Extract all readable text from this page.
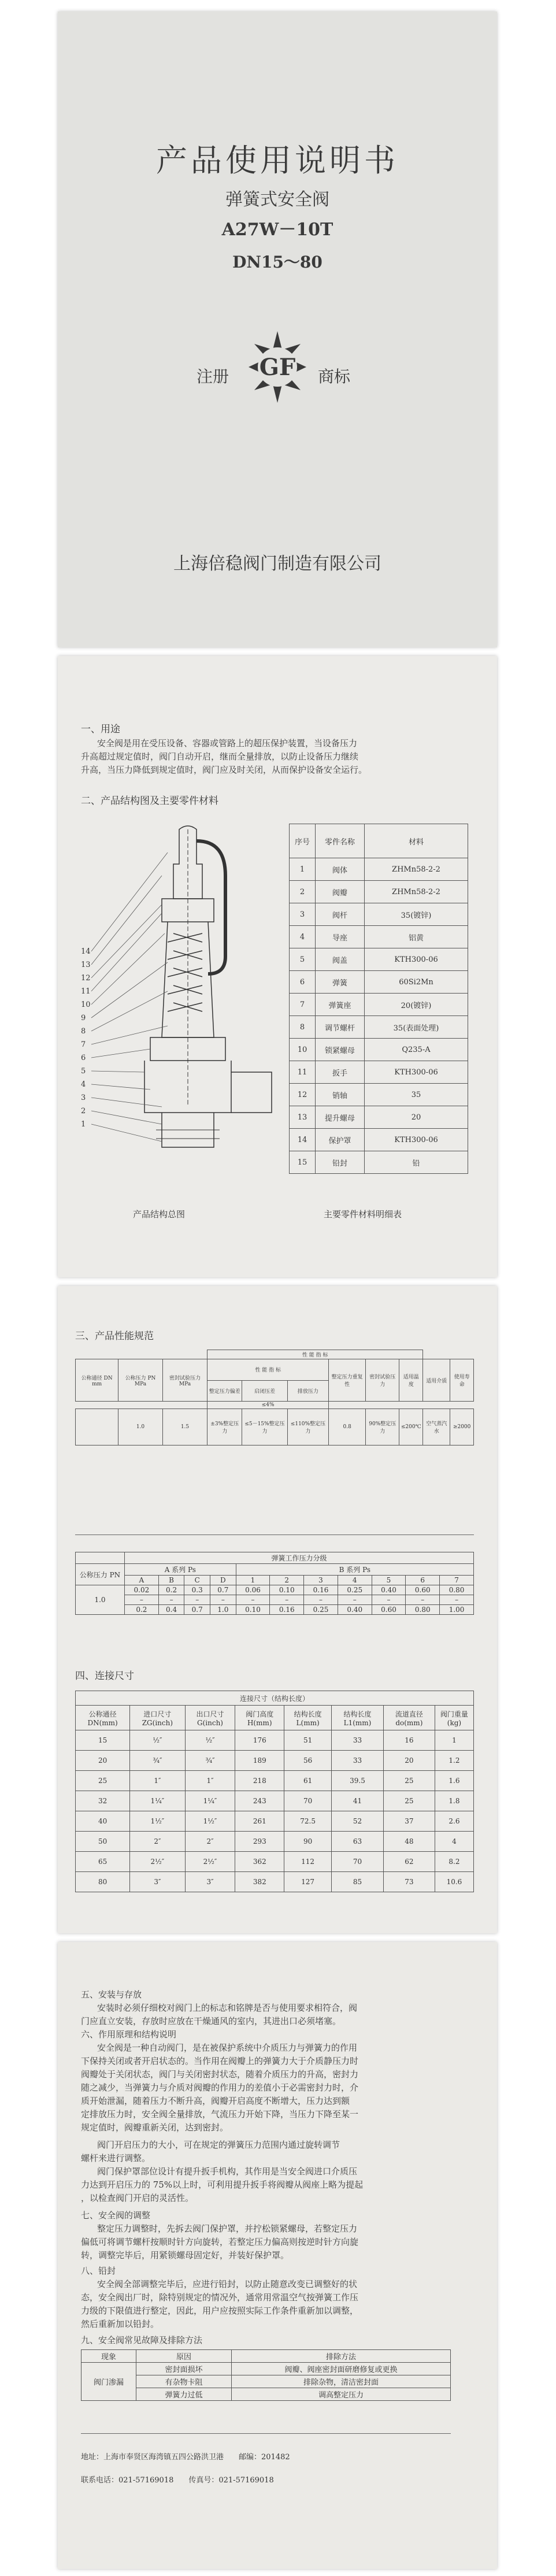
产品使用说明书
弹簧式安全阀
A27W－10T
DN15～80
注册 GF 商标
上海倍稳阀门制造有限公司
一、用途
安全阀是用在受压设备、容器或管路上的超压保护装置，当设备压力
升高超过规定值时，阀门自动开启，继而全量排放，以防止设备压力继续
升高，当压力降低到规定值时，阀门应及时关闭，从而保护设备安全运行。
二、产品结构图及主要零件材料
14
13
12
11
10
9
8
7
6
5
4
3
2
1
序号	零件名称	材料
1	阀体	ZHMn58-2-2
2	阀瓣	ZHMn58-2-2
3	阀杆	35(镀锌)
4	导座	铝黄
5	阀盖	KTH300-06
6	弹簧	60Si2Mn
7	弹簧座	20(镀锌)
8	调节螺杆	35(表面处理)
10	锁紧螺母	Q235-A
11	扳手	KTH300-06
12	销轴	35
13	提升螺母	20
14	保护罩	KTH300-06
15	铅封	铅
产品结构总图	主要零件材料明细表
三、产品性能规范
			性 能 指 标							
公称通径 DN mm	公称压力 PN MPa	密封试验压力 MPa	性 能 指 标			整定压力重复性	密封试验压力	适用温度	适用介质	使用寿命
			整定压力偏差	启闭压差	排放压力					
			≤4%							
	1.0	1.5	±3%整定压力	≤5－15%整定压力	≤110%整定压力	0.8	90%整定压力	≤200℃	空气蒸汽水	≥2000
	弹簧工作压力分级										
公称压力 PN	A 系列 Ps				B 系列 Ps						
	A	B	C	D	1	2	3	4	5	6	7
1.0	0.02	0.2	0.3	0.7	0.06	0.10	0.16	0.25	0.40	0.60	0.80
	–	–	–	–	–	–	–	–	–	–	–
	0.2	0.4	0.7	1.0	0.10	0.16	0.25	0.40	0.60	0.80	1.00
四、连接尺寸
连接尺寸（结构长度）							
公称通径 DN(mm)	进口尺寸 ZG(inch)	出口尺寸 G(inch)	阀门高度 H(mm)	结构长度 L(mm)	结构长度 L1(mm)	流道直径 do(mm)	阀门重量 (kg)
15	½″	½″	176	51	33	16	1
20	¾″	¾″	189	56	33	20	1.2
25	1″	1″	218	61	39.5	25	1.6
32	1¼″	1¼″	243	70	41	25	1.8
40	1½″	1½″	261	72.5	52	37	2.6
50	2″	2″	293	90	63	48	4
65	2½″	2½″	362	112	70	62	8.2
80	3″	3″	382	127	85	73	10.6
五、安装与存放
安装时必须仔细校对阀门上的标志和铭牌是否与使用要求相符合，阀
门应直立安装，存放时应放在干燥通风的室内，其进出口必须堵塞。
六、作用原理和结构说明
安全阀是一种自动阀门，是在被保护系统中介质压力与弹簧力的作用
下保持关闭或者开启状态的。当作用在阀瓣上的弹簧力大于介质静压力时
阀瓣处于关闭状态，阀门与关闭密封状态，随着介质压力的升高，密封力
随之减少，当弹簧力与介质对阀瓣的作用力的差值小于必需密封力时，介
质开始泄漏，随着压力不断升高，阀瓣开启高度不断增大，压力达到额
定排放压力时，安全阀全量排放，气流压力开始下降，当压力下降至某一
规定值时，阀瓣重新关闭，达到密封。
阀门开启压力的大小，可在规定的弹簧压力范围内通过旋转调节
螺杆来进行调整。
阀门保护罩部位设计有提升扳手机构，其作用是当安全阀进口介质压
力达到开启压力的 75%以上时，可利用提升扳手将阀瓣从阀座上略为提起
，以检查阀门开启的灵活性。
七、安全阀的调整
整定压力调整时，先拆去阀门保护罩，并拧松锁紧螺母，若整定压力
偏低可将调节螺杆按顺时针方向旋转，若整定压力偏高则按逆时针方向旋
转，调整完毕后，用紧锁螺母固定好，并装好保护罩。
八、铅封
安全阀全部调整完毕后，应进行铅封，以防止随意改变已调整好的状
态，安全阀出厂时，除特别规定的情况外，通常用常温空气按弹簧工作压
力级的下限值进行整定，因此，用户应按照实际工作条件重新加以调整，
然后重新加以铅封。
九、安全阀常见故障及排除方法
现象	原因	排除方法
阀门渗漏	密封面损坏	阀瓣、阀座密封面研磨修复或更换
	有杂物卡阻	排除杂物，清洁密封面
	弹簧力过低	调高整定压力
地址：上海市奉贤区海湾镇五四公路洪卫港　　邮编：201482
联系电话：021-57169018　　传真号：021-57169018
